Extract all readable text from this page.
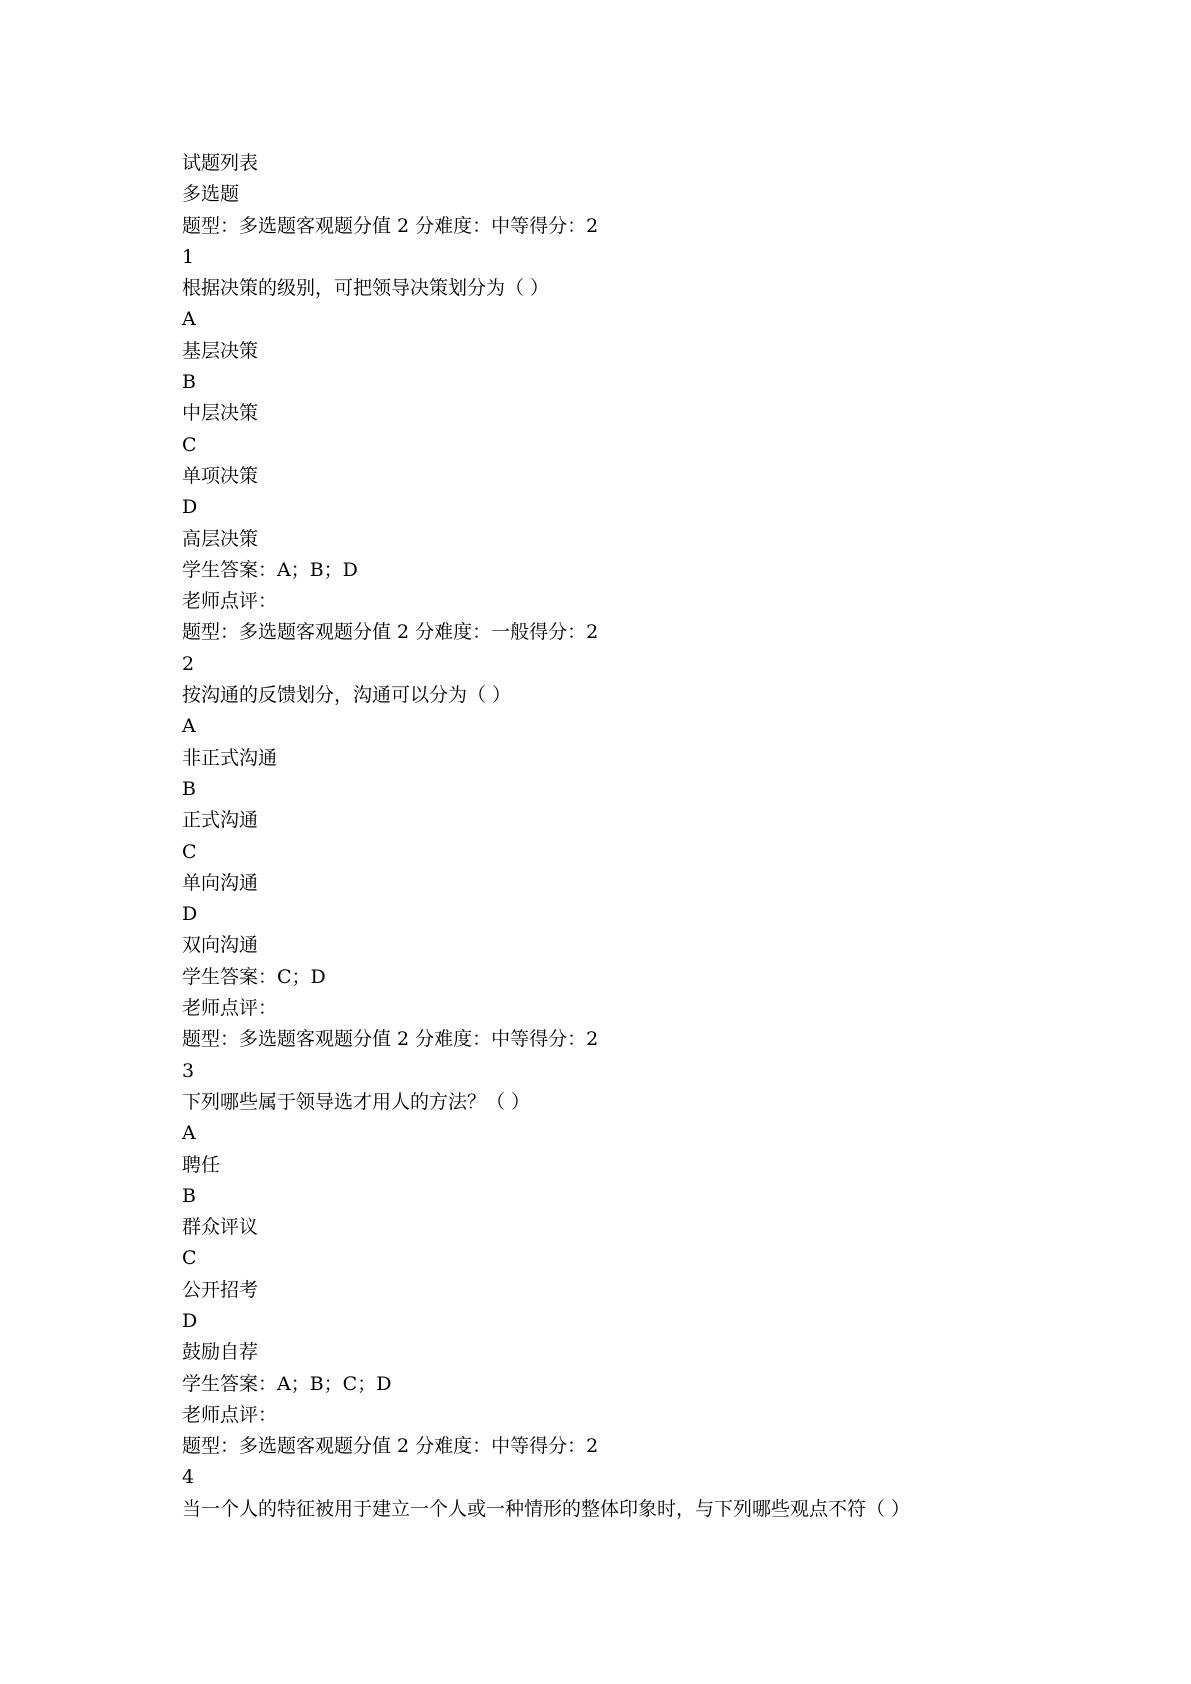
试题列表
多选题
题型：多选题客观题分值 2 分难度：中等得分：2
1
根据决策的级别，可把领导决策划分为（ ）
A
基层决策
B
中层决策
C
单项决策
D
高层决策
学生答案：A；B；D
老师点评：
题型：多选题客观题分值 2 分难度：一般得分：2
2
按沟通的反馈划分，沟通可以分为（ ）
A
非正式沟通
B
正式沟通
C
单向沟通
D
双向沟通
学生答案：C；D
老师点评：
题型：多选题客观题分值 2 分难度：中等得分：2
3
下列哪些属于领导选才用人的方法？（ ）
A
聘任
B
群众评议
C
公开招考
D
鼓励自荐
学生答案：A；B；C；D
老师点评：
题型：多选题客观题分值 2 分难度：中等得分：2
4
当一个人的特征被用于建立一个人或一种情形的整体印象时，与下列哪些观点不符（ ）
